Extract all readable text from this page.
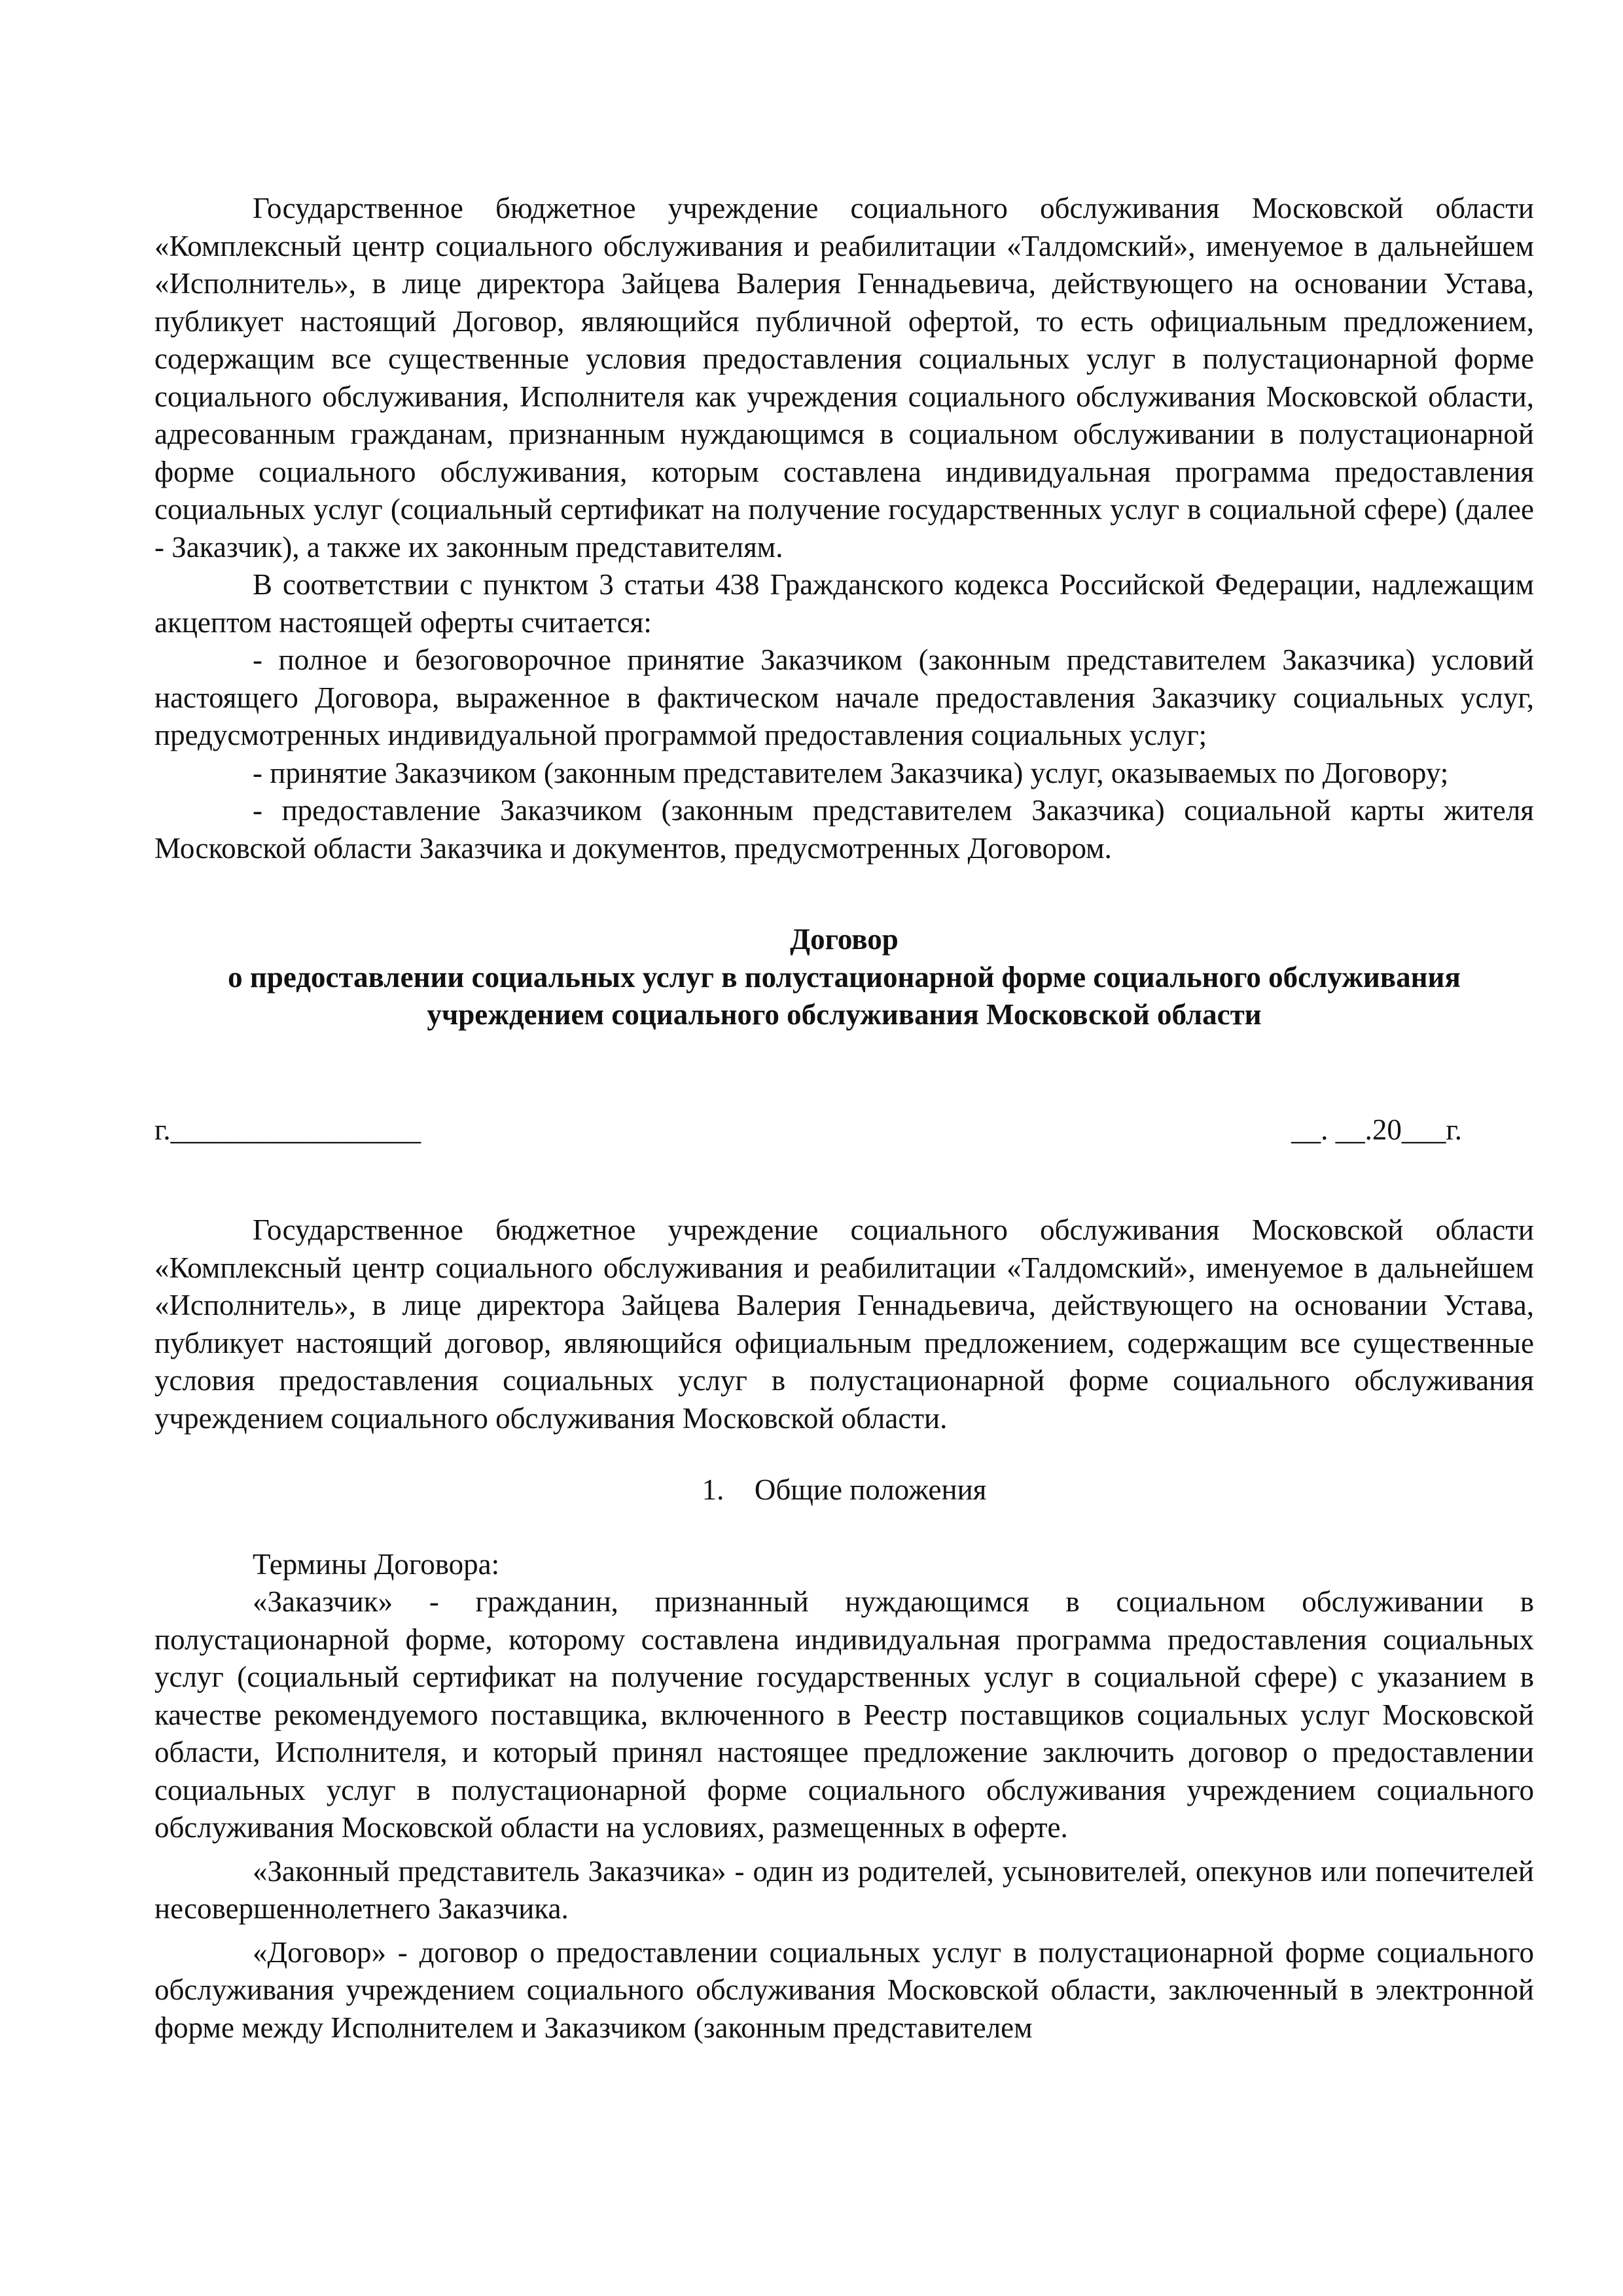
Государственное бюджетное учреждение социального обслуживания Московской области «Комплексный центр социального обслуживания и реабилитации «Талдомский», именуемое в дальнейшем «Исполнитель», в лице директора Зайцева Валерия Геннадьевича, действующего на основании Устава, публикует настоящий Договор, являющийся публичной офертой, то есть официальным предложением, содержащим все существенные условия предоставления социальных услуг в полустационарной форме социального обслуживания, Исполнителя как учреждения социального обслуживания Московской области, адресованным гражданам, признанным нуждающимся в социальном обслуживании в полустационарной форме социального обслуживания, которым составлена индивидуальная программа предоставления социальных услуг (социальный сертификат на получение государственных услуг в социальной сфере) (далее - Заказчик), а также их законным представителям.

В соответствии с пунктом 3 статьи 438 Гражданского кодекса Российской Федерации, надлежащим акцептом настоящей оферты считается:

- полное и безоговорочное принятие Заказчиком (законным представителем Заказчика) условий настоящего Договора, выраженное в фактическом начале предоставления Заказчику социальных услуг, предусмотренных индивидуальной программой предоставления социальных услуг;

- принятие Заказчиком (законным представителем Заказчика) услуг, оказываемых по Договору;

- предоставление Заказчиком (законным представителем Заказчика) социальной карты жителя Московской области Заказчика и документов, предусмотренных Договором.

Договор
о предоставлении социальных услуг в полустационарной форме социального обслуживания
учреждением социального обслуживания Московской области
г._________________	__. __.20___г.

Государственное бюджетное учреждение социального обслуживания Московской области «Комплексный центр социального обслуживания и реабилитации «Талдомский», именуемое в дальнейшем «Исполнитель», в лице директора Зайцева Валерия Геннадьевича, действующего на основании Устава, публикует настоящий договор, являющийся официальным предложением, содержащим все существенные условия предоставления социальных услуг в полустационарной форме социального обслуживания учреждением социального обслуживания Московской области.

1. Общие положения

Термины Договора:

«Заказчик» - гражданин, признанный нуждающимся в социальном обслуживании в полустационарной форме, которому составлена индивидуальная программа предоставления социальных услуг (социальный сертификат на получение государственных услуг в социальной сфере) с указанием в качестве рекомендуемого поставщика, включенного в Реестр поставщиков социальных услуг Московской области, Исполнителя, и который принял настоящее предложение заключить договор о предоставлении социальных услуг в полустационарной форме социального обслуживания учреждением социального обслуживания Московской области на условиях, размещенных в оферте.

«Законный представитель Заказчика» - один из родителей, усыновителей, опекунов или попечителей несовершеннолетнего Заказчика.

«Договор» - договор о предоставлении социальных услуг в полустационарной форме социального обслуживания учреждением социального обслуживания Московской области, заключенный в электронной форме между Исполнителем и Заказчиком (законным представителем
